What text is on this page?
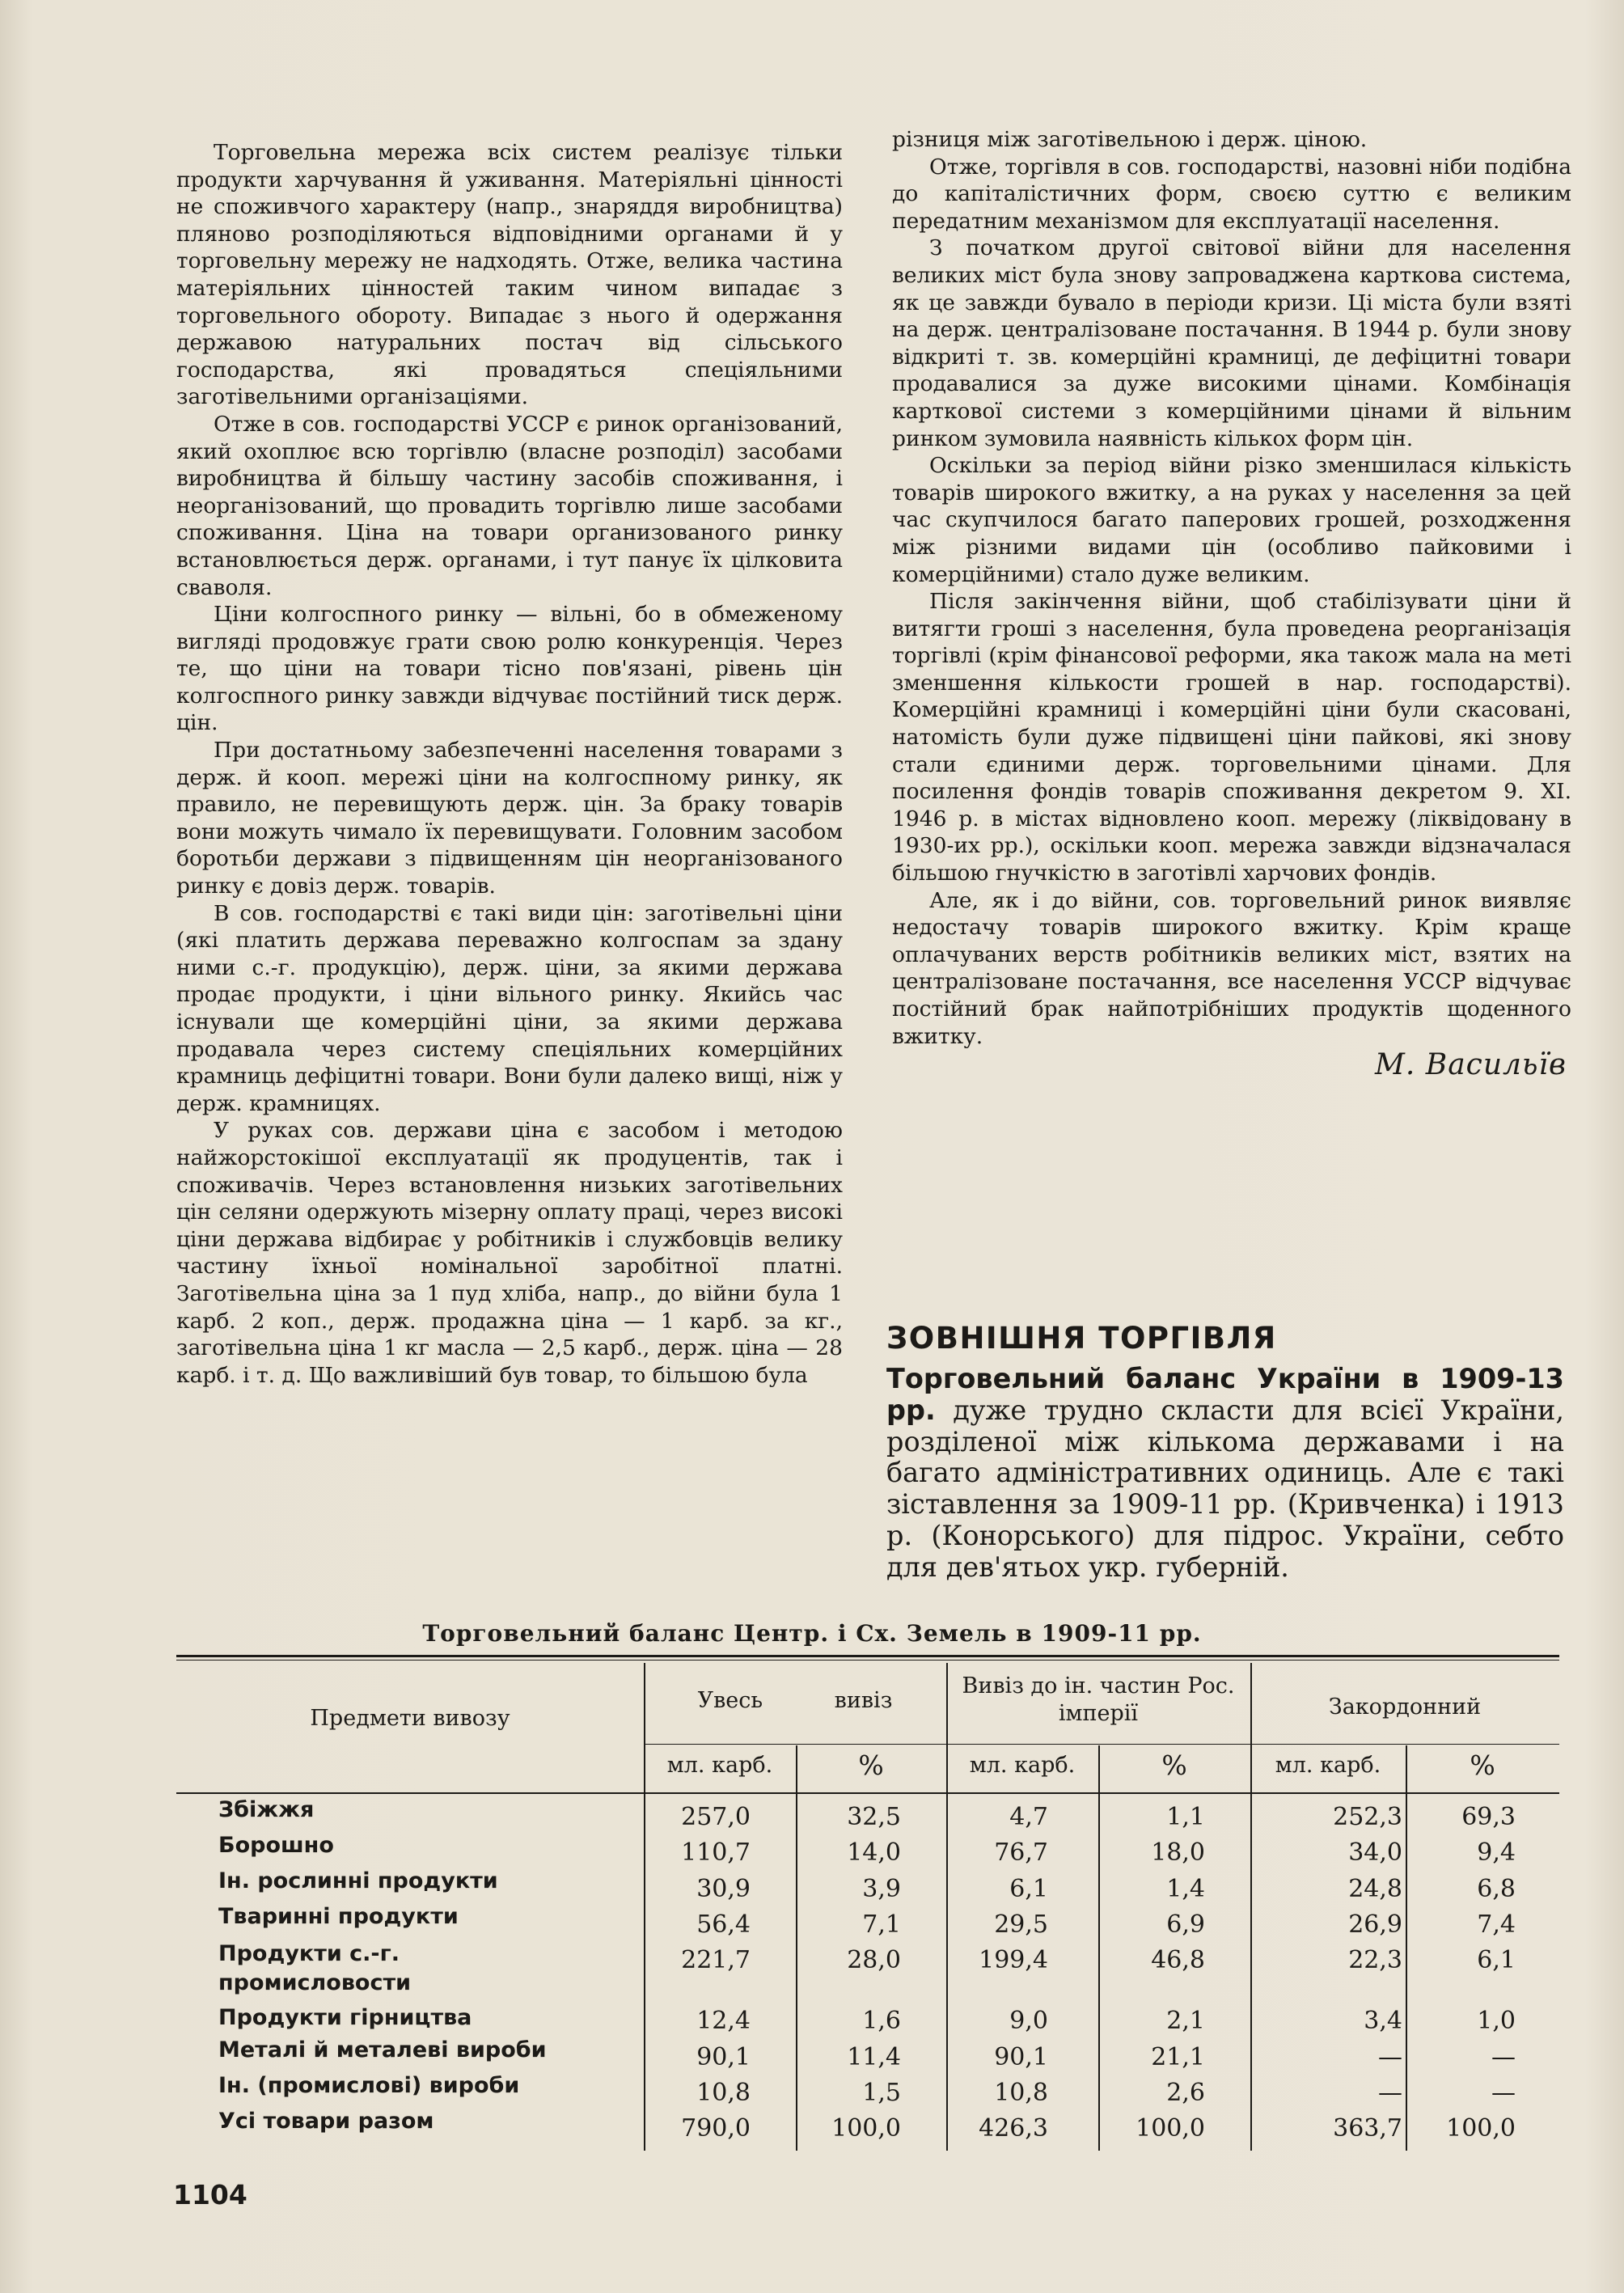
Торговельна мережа всіх систем реалізує тільки продукти харчування й уживання. Матеріяльні цінності не споживчого характеру (напр., знаряддя виробництва) пляново розподіляються відповідними органами й у торговельну мережу не надходять. Отже, велика частина матеріяльних цінностей таким чином випадає з торговельного обороту. Випадає з нього й одержання державою натуральних постач від сільського господарства, які провадяться спеціяльними заготівельними організаціями.

Отже в сов. господарстві УССР є ринок організований, який охоплює всю торгівлю (власне розподіл) засобами виробництва й більшу частину засобів споживання, і неорганізований, що провадить торгівлю лише засобами споживання. Ціна на товари организованого ринку встановлюється держ. органами, і тут панує їх цілковита сваволя.

Ціни колгоспного ринку — вільні, бо в обмеженому вигляді продовжує грати свою ролю конкуренція. Через те, що ціни на товари тісно пов'язані, рівень цін колгоспного ринку завжди відчуває постійний тиск держ. цін.

При достатньому забезпеченні населення товарами з держ. й кооп. мережі ціни на колгоспному ринку, як правило, не перевищують держ. цін. За браку товарів вони можуть чимало їх перевищувати. Головним засобом боротьби держави з підвищенням цін неорганізованого ринку є довіз держ. товарів.

В сов. господарстві є такі види цін: заготівельні ціни (які платить держава переважно колгоспам за здану ними с.-г. продукцію), держ. ціни, за якими держава продає продукти, і ціни вільного ринку. Якийсь час існували ще комерційні ціни, за якими держава продавала через систему спеціяльних комерційних крамниць дефіцитні товари. Вони були далеко вищі, ніж у держ. крамницях.

У руках сов. держави ціна є засобом і методою найжорстокішої експлуатації як продуцентів, так і споживачів. Через встановлення низьких заготівельних цін селяни одержують мізерну оплату праці, через високі ціни держава відбирає у робітників і службовців велику частину їхньої номінальної заробітної платні. Заготівельна ціна за 1 пуд хліба, напр., до війни була 1 карб. 2 коп., держ. продажна ціна — 1 карб. за кг., заготівельна ціна 1 кг масла — 2,5 карб., держ. ціна — 28 карб. і т. д. Що важливіший був товар, то більшою була

різниця між заготівельною і держ. ціною.

Отже, торгівля в сов. господарстві, назовні ніби подібна до капіталістичних форм, своєю суттю є великим передатним механізмом для експлуатації населення.

З початком другої світової війни для населення великих міст була знову запроваджена карткова система, як це завжди бувало в періоди кризи. Ці міста були взяті на держ. централізоване постачання. В 1944 р. були знову відкриті т. зв. комерційні крамниці, де дефіцитні товари продавалися за дуже високими цінами. Комбінація карткової системи з комерційними цінами й вільним ринком зумовила наявність кількох форм цін.

Оскільки за період війни різко зменшилася кількість товарів широкого вжитку, а на руках у населення за цей час скупчилося багато паперових грошей, розходження між різними видами цін (особливо пайковими і комерційними) стало дуже великим.

Після закінчення війни, щоб стабілізувати ціни й витягти гроші з населення, була проведена реорганізація торгівлі (крім фінансової реформи, яка також мала на меті зменшення кількости грошей в нар. господарстві). Комерційні крамниці і комерційні ціни були скасовані, натомість були дуже підвищені ціни пайкові, які знову стали єдиними держ. торговельними цінами. Для посилення фондів товарів споживання декретом 9. XI. 1946 р. в містах відновлено кооп. мережу (ліквідовану в 1930-их рр.), оскільки кооп. мережа завжди відзначалася більшою гнучкістю в заготівлі харчових фондів.

Але, як і до війни, сов. торговельний ринок виявляє недостачу товарів широкого вжитку. Крім краще оплачуваних верств робітників великих міст, взятих на централізоване постачання, все населення УССР відчуває постійний брак найпотрібніших продуктів щоденного вжитку.

М. Васильїв
ЗОВНІШНЯ ТОРГІВЛЯ
Торговельний баланс України в 1909-13 рр. дуже трудно скласти для всієї України, розділеної між кількома державами і на багато адміністративних одиниць. Але є такі зіставлення за 1909-11 рр. (Кривченка) і 1913 р. (Конорського) для підрос. України, себто для дев'ятьох укр. губерній.
Торговельний баланс Центр. і Сх. Земель в 1909-11 рр.
Предмети вивозу
Увесь вивіз
Вивіз до ін. частин Рос. імперії	Закордонний
мл. карб.	%	мл. карб.	%	мл. карб.	%
Збіжжя	257,0	32,5	4,7	1,1	252,3 69,3
Борошно	110,7	14,0	76,7	18,0	34,0	9,4
Ін. рослинні продукти	30,9	3,9	6,1	1,4	24,8	6,8
Тваринні продукти	56,4	7,1	29,5	6,9	26,9	7,4
Продукти с.-г. промисловости
221,7	28,0	199,4	46,8	22,3	6,1
Продукти гірництва	12,4	1,6	9,0	2,1	3,4	1,0
Металі й металеві вироби	90,1	11,4	90,1	21,1	—	—
Ін. (промислові) вироби	10,8	1,5	10,8	2,6	—	—
Усі товари разом	790,0	100,0	426,3	100,0	363,7 100,0
1104
